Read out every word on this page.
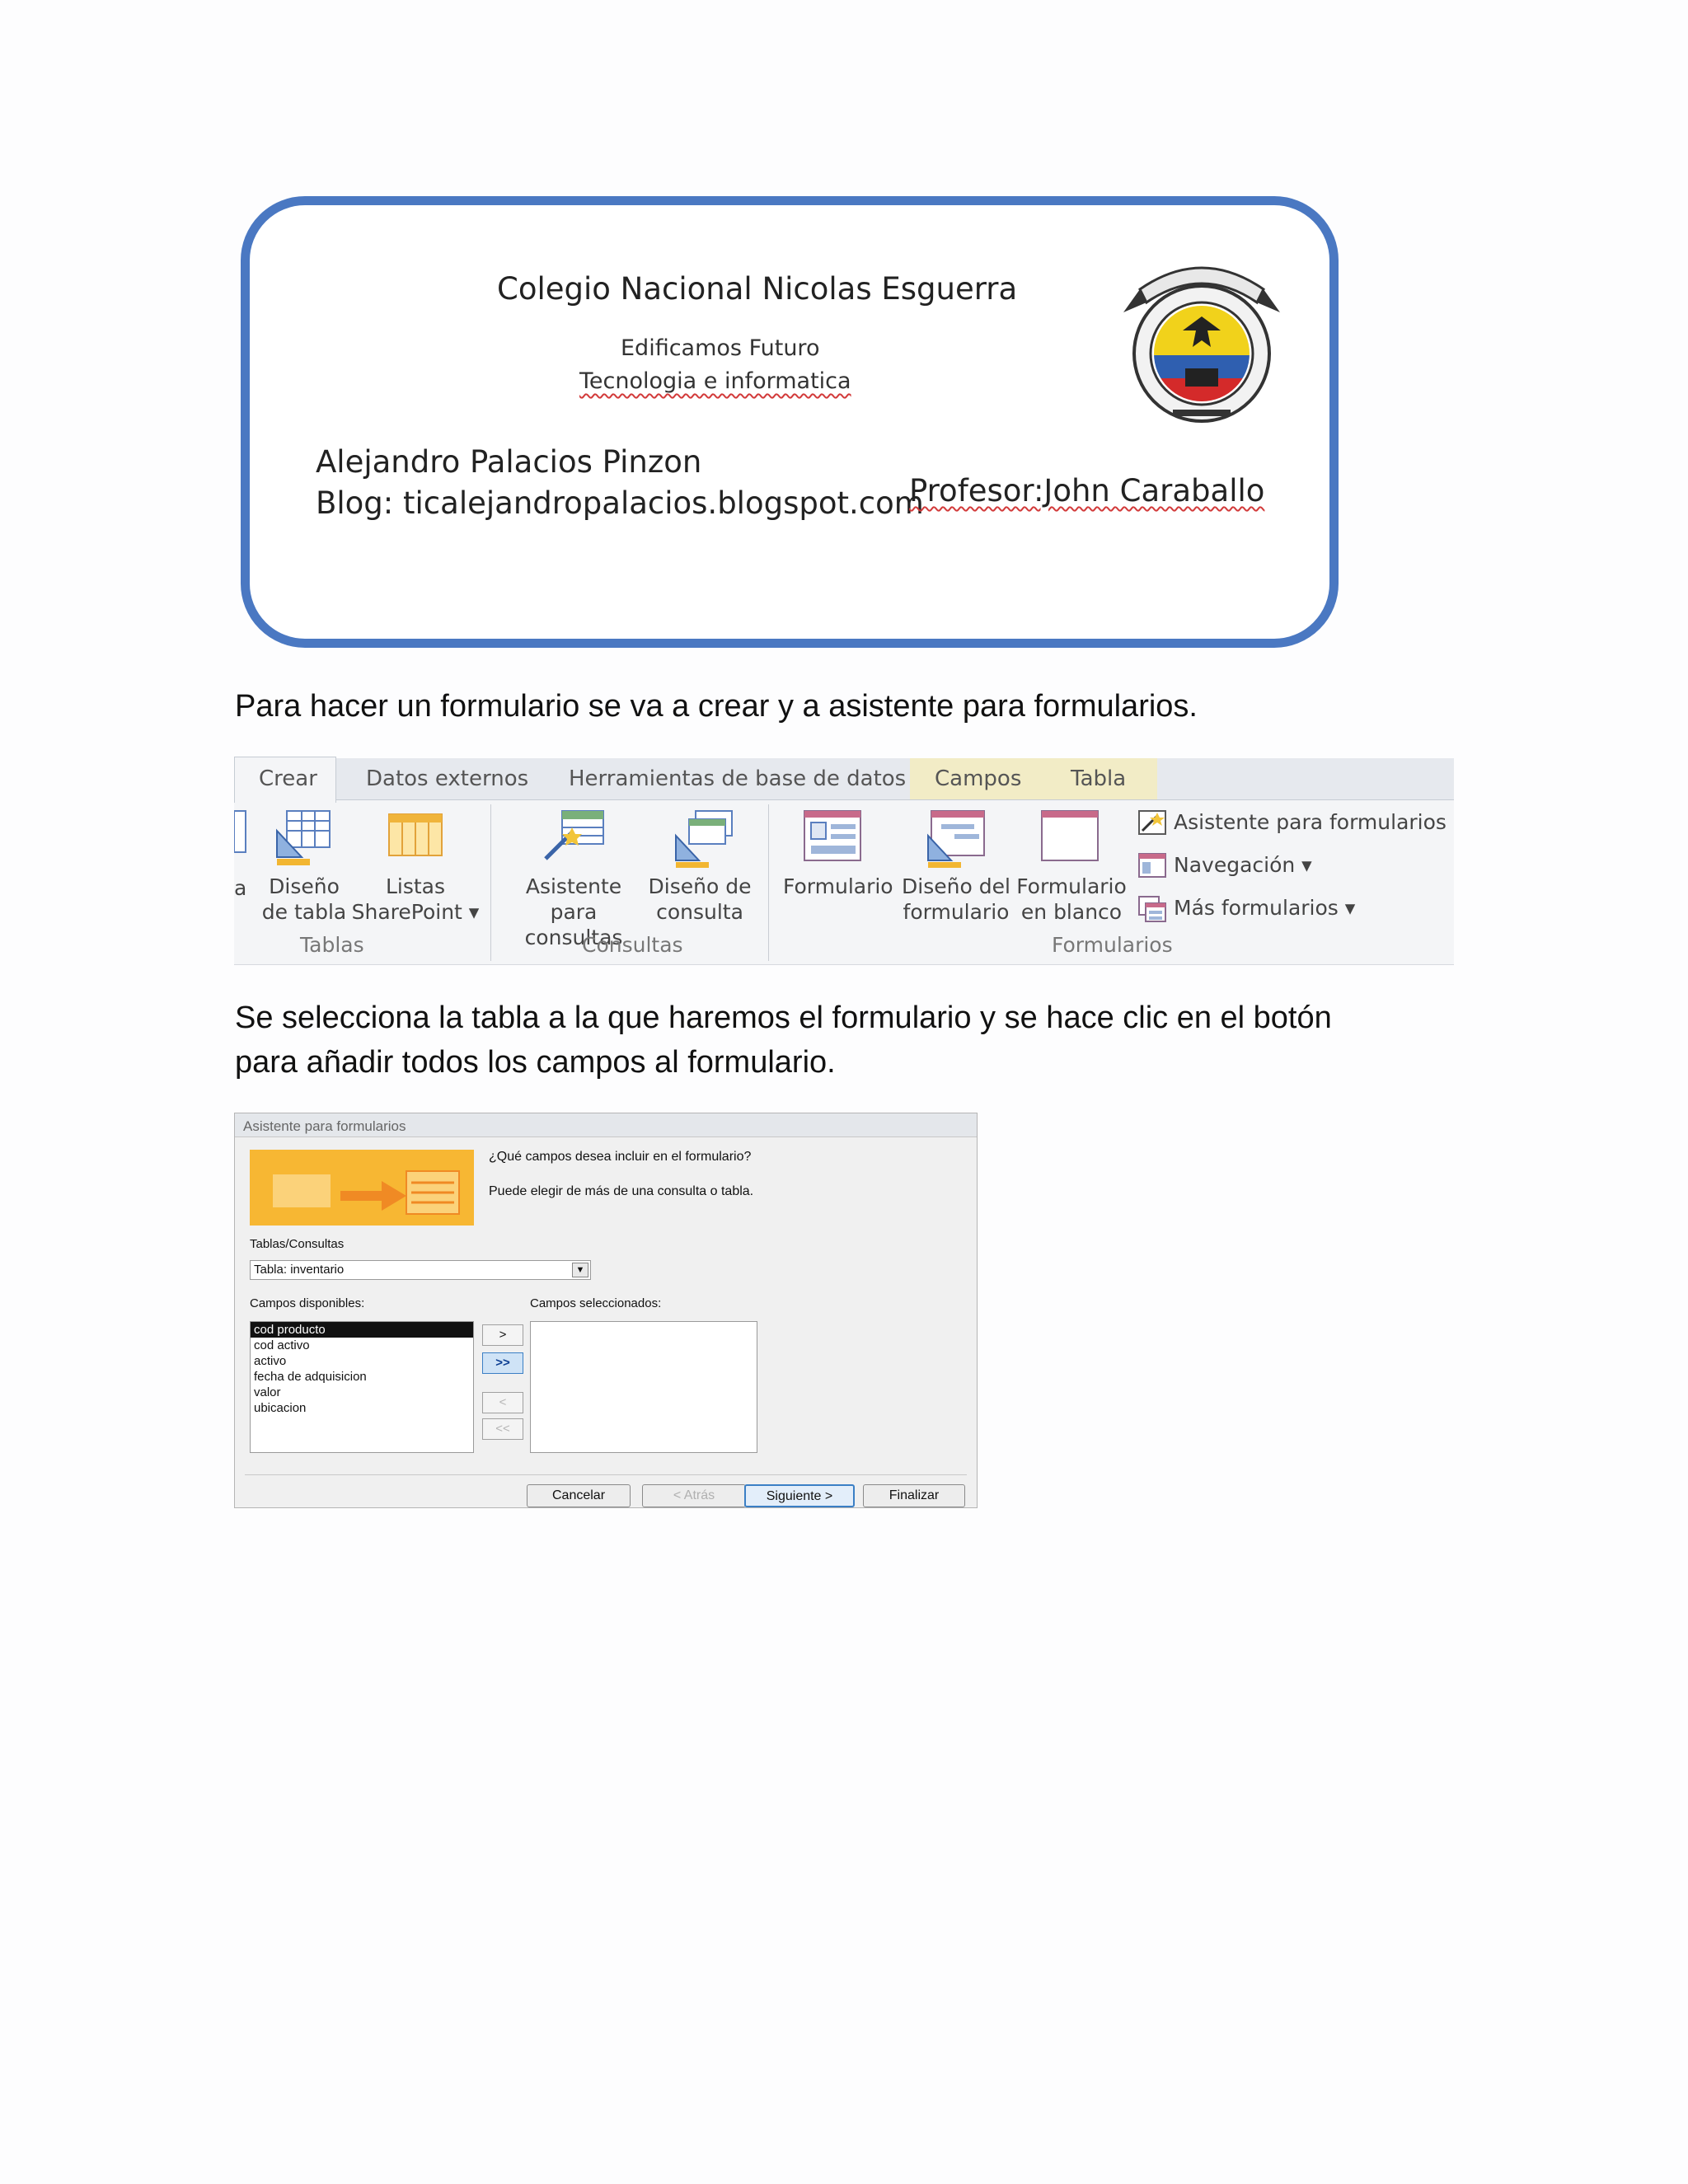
Colegio Nacional Nicolas Esguerra
Edificamos Futuro
Tecnologia e informatica
Alejandro Palacios Pinzon
Blog: ticalejandropalacios.blogspot.com
Profesor:John Caraballo
Para hacer un formulario se va a crear y a asistente para formularios.
Crear Datos externos Herramientas de base de datos Campos Tabla
a	Diseño
de tabla
Listas
SharePoint ▾
Tablas
Asistente para
consultas
Diseño de
consulta
Consultas
Formulario Diseño del
formulario
Formulario
en blanco
Asistente para formularios
Navegación ▾
Más formularios ▾
Formularios
Se selecciona la tabla a la que haremos el formulario y se hace clic en el botón
para añadir todos los campos al formulario.
Asistente para formularios
¿Qué campos desea incluir en el formulario?
Puede elegir de más de una consulta o tabla.
Tablas/Consultas
Tabla: inventario	▼
Campos disponibles:	Campos seleccionados:
cod producto
cod activo
activo
fecha de adquisicion
valor
ubicacion
>
>>
<
<<
Cancelar	< Atrás	Siguiente >	Finalizar
